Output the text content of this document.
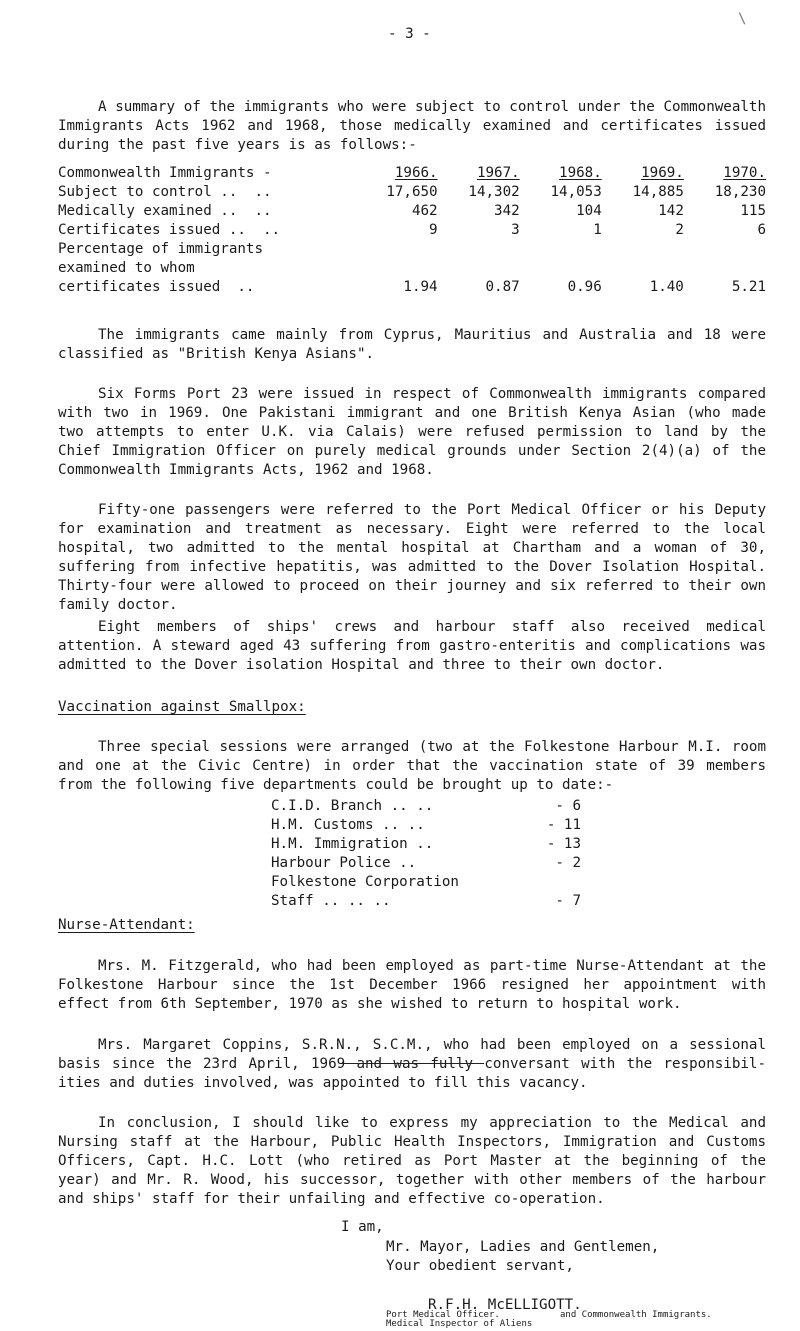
\
- 3 -

A summary of the immigrants who were subject to control under the Commonwealth Immigrants Acts 1962 and 1968, those medically examined and certificates issued during the past five years is as follows:-

Commonwealth Immigrants -	1966.	1967.	1968.	1969.	1970.
Subject to control .. ..	17,650	14,302	14,053	14,885	18,230
Medically examined .. ..	462	342	104	142	115
Certificates issued .. ..	9	3	1	2	6
Percentage of immigrants					
examined to whom					
certificates issued ..	1.94	0.87	0.96	1.40	5.21

The immigrants came mainly from Cyprus, Mauritius and Australia and 18 were classified as "British Kenya Asians".

Six Forms Port 23 were issued in respect of Commonwealth immigrants compared with two in 1969. One Pakistani immigrant and one British Kenya Asian (who made two attempts to enter U.K. via Calais) were refused permission to land by the Chief Immigration Officer on purely medical grounds under Section 2(4)(a) of the Commonwealth Immigrants Acts, 1962 and 1968.

Fifty-one passengers were referred to the Port Medical Officer or his Deputy for examination and treatment as necessary. Eight were referred to the local hospital, two admitted to the mental hospital at Chartham and a woman of 30, suffering from infective hepatitis, was admitted to the Dover Isolation Hospital. Thirty-four were allowed to proceed on their journey and six referred to their own family doctor.

Eight members of ships' crews and harbour staff also received medical attention. A steward aged 43 suffering from gastro-enteritis and complications was admitted to the Dover isolation Hospital and three to their own doctor.

Vaccination against Smallpox:

Three special sessions were arranged (two at the Folkestone Harbour M.I. room and one at the Civic Centre) in order that the vaccination state of 39 members from the following five departments could be brought up to date:-

C.I.D. Branch .. ..	- 6
H.M. Customs .. ..	- 11
H.M. Immigration ..	- 13
Harbour Police ..	- 2
Folkestone Corporation
Staff .. .. ..	- 7
Nurse-Attendant:

Mrs. M. Fitzgerald, who had been employed as part-time Nurse-Attendant at the Folkestone Harbour since the 1st December 1966 resigned her appointment with effect from 6th September, 1970 as she wished to return to hospital work.

Mrs. Margaret Coppins, S.R.N., S.C.M., who had been employed on a sessional basis since the 23rd April, 1969 and was fully conversant with the responsibil-ities and duties involved, was appointed to fill this vacancy.

In conclusion, I should like to express my appreciation to the Medical and Nursing staff at the Harbour, Public Health Inspectors, Immigration and Customs Officers, Capt. H.C. Lott (who retired as Port Master at the beginning of the year) and Mr. R. Wood, his successor, together with other members of the harbour and ships' staff for their unfailing and effective co-operation.

I am,
Mr. Mayor, Ladies and Gentlemen,
Your obedient servant,
R.F.H. McELLIGOTT.
Port Medical Officer.
Medical Inspector of Aliens
and Commonwealth Immigrants.
